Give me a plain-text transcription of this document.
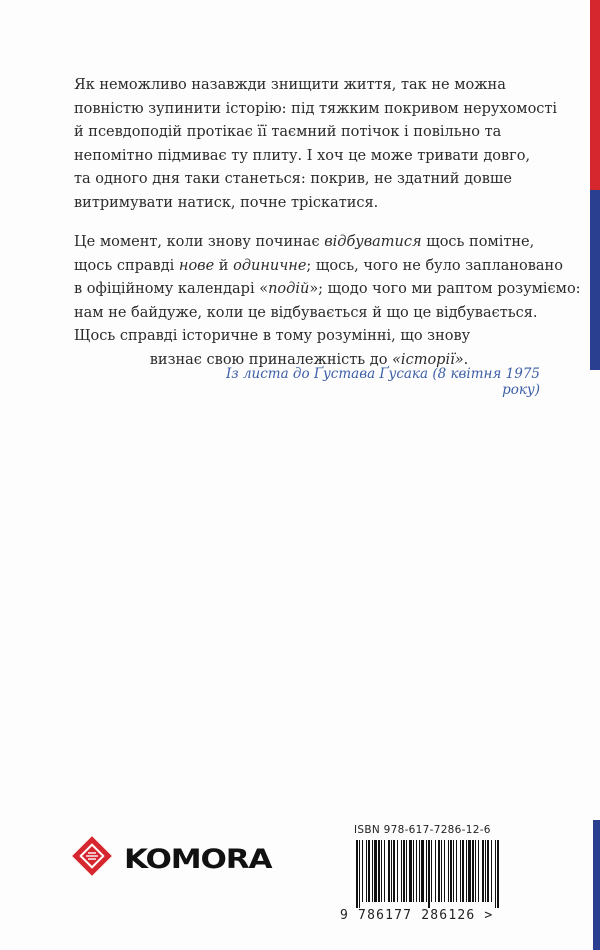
Як неможливо назавжди знищити життя, так не можна
повністю зупинити історію: під тяжким покривом нерухомості
й псевдоподій протікає її таємний потічок і повільно та
непомітно підмиває ту плиту. І хоч це може тривати довго,
та одного дня таки станеться: покрив, не здатний довше
витримувати натиск, почне тріскатися.

Це момент, коли знову починає відбуватися щось помітне,
щось справді нове й одиничне; щось, чого не було заплановано
в офіційному календарі «подій»; щодо чого ми раптом розуміємо:
нам не байдуже, коли це відбувається й що це відбувається.
Щось справді історичне в тому розумінні, що знову
визнає свою приналежність до «історії».

Із листа до Ґустава Ґусака (8 квітня 1975 року)
KOMORA
ISBN 978-617-7286-12-6
9 786177 286126 >
